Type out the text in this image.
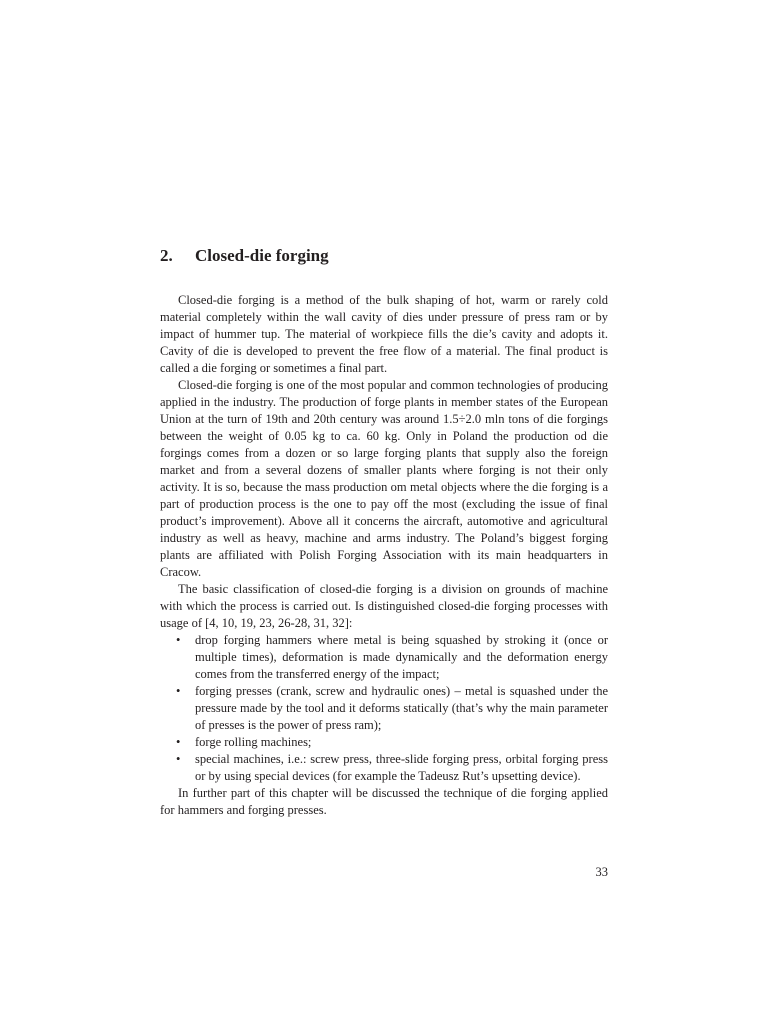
2. Closed-die forging

Closed-die forging is a method of the bulk shaping of hot, warm or rarely cold material completely within the wall cavity of dies under pressure of press ram or by impact of hummer tup. The material of workpiece fills the die’s cavity and adopts it. Cavity of die is developed to prevent the free flow of a material. The final product is called a die forging or sometimes a final part.

Closed-die forging is one of the most popular and common technologies of producing applied in the industry. The production of forge plants in member states of the European Union at the turn of 19th and 20th century was around 1.5÷2.0 mln tons of die forgings between the weight of 0.05 kg to ca. 60 kg. Only in Poland the production od die forgings comes from a dozen or so large forging plants that supply also the foreign market and from a several dozens of smaller plants where forging is not their only activity. It is so, because the mass production om metal objects where the die forging is a part of production process is the one to pay off the most (excluding the issue of final product’s improvement). Above all it concerns the aircraft, automotive and agricultural industry as well as heavy, machine and arms industry. The Poland’s biggest forging plants are affiliated with Polish Forging Association with its main headquarters in Cracow.

The basic classification of closed-die forging is a division on grounds of machine with which the process is carried out. Is distinguished closed-die forging processes with usage of [4, 10, 19, 23, 26-28, 31, 32]:

• drop forging hammers where metal is being squashed by stroking it (once or multiple times), deformation is made dynamically and the deformation energy comes from the transferred energy of the impact;
• forging presses (crank, screw and hydraulic ones) – metal is squashed under the pressure made by the tool and it deforms statically (that’s why the main parameter of presses is the power of press ram);
• forge rolling machines;
• special machines, i.e.: screw press, three-slide forging press, orbital forging press or by using special devices (for example the Tadeusz Rut’s upsetting device).

In further part of this chapter will be discussed the technique of die forging applied for hammers and forging presses.

33
